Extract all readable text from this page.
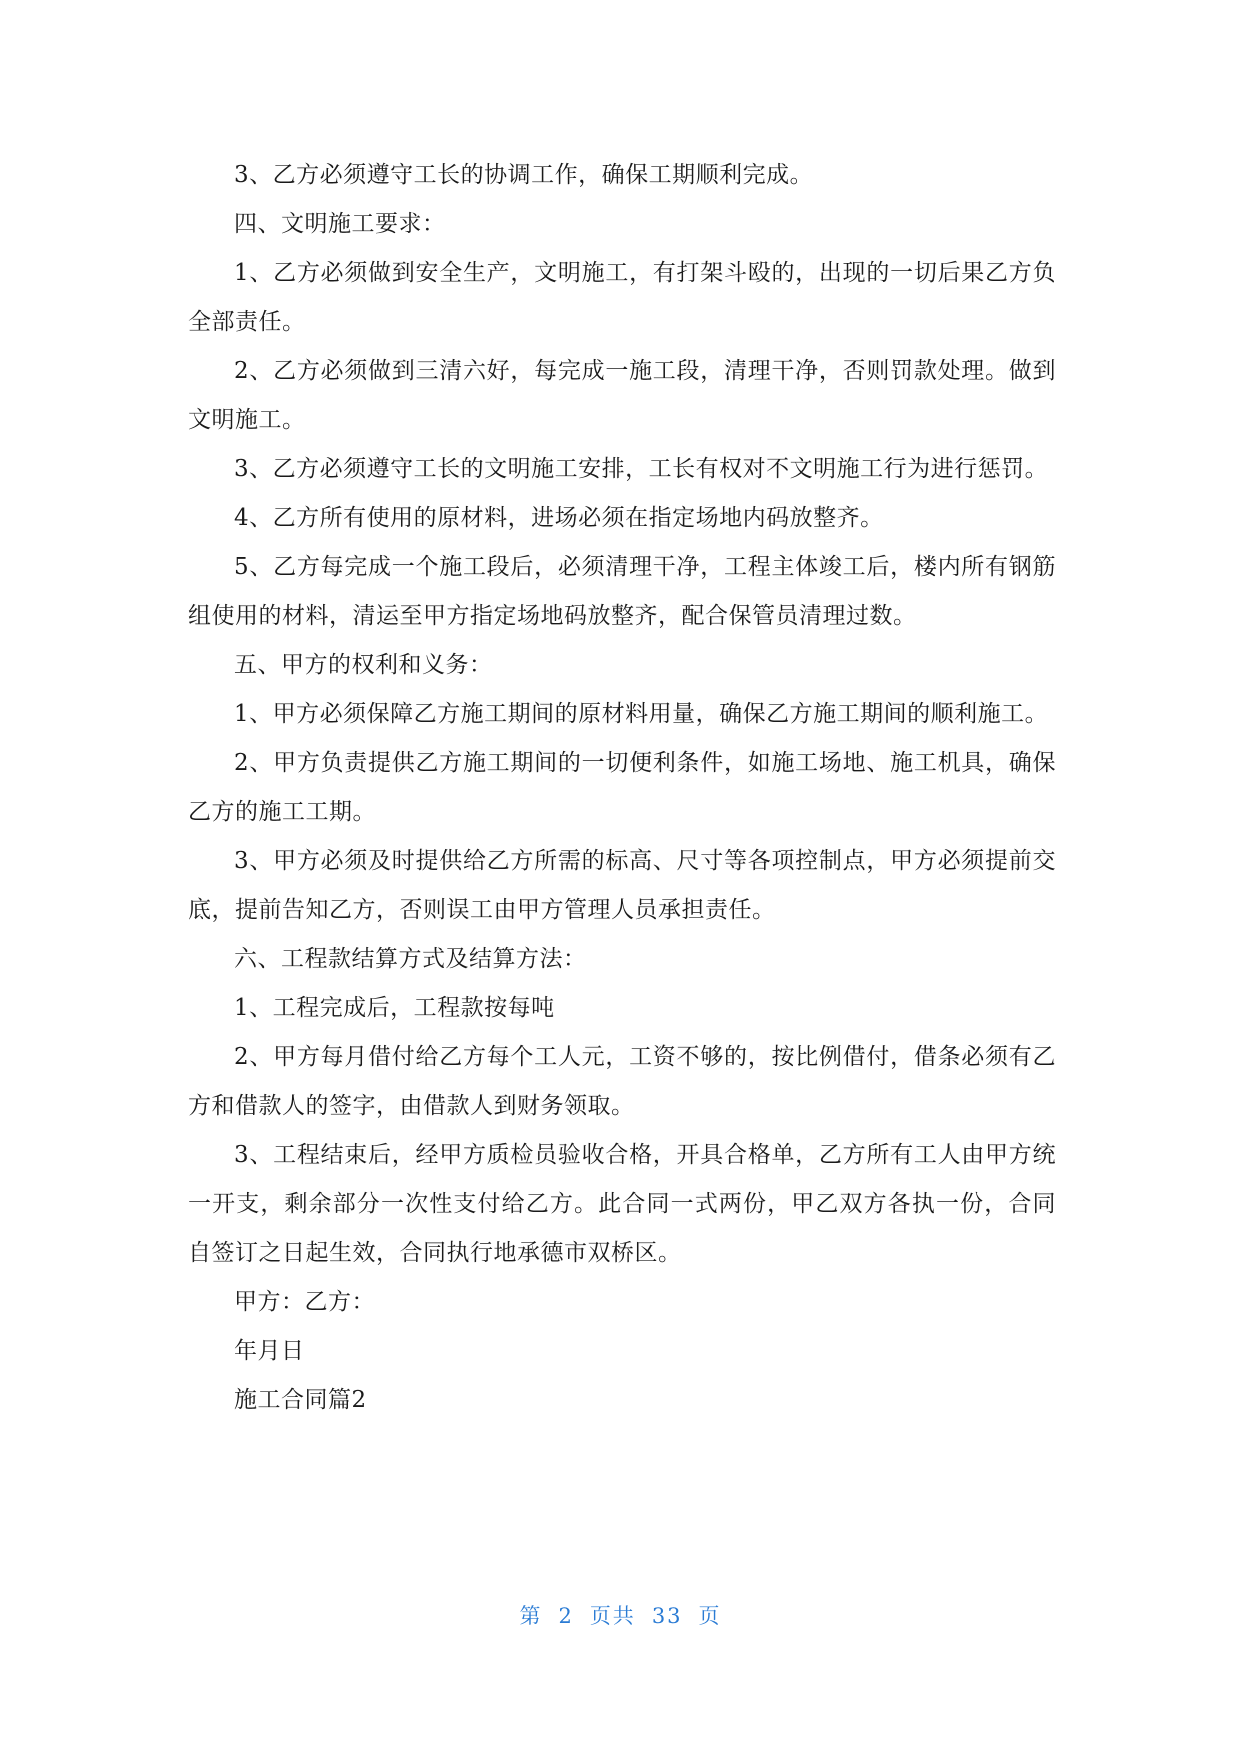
3、乙方必须遵守工长的协调工作，确保工期顺利完成。

四、文明施工要求：

1、乙方必须做到安全生产，文明施工，有打架斗殴的，出现的一切后果乙方负全部责任。

2、乙方必须做到三清六好，每完成一施工段，清理干净，否则罚款处理。做到文明施工。

3、乙方必须遵守工长的文明施工安排，工长有权对不文明施工行为进行惩罚。

4、乙方所有使用的原材料，进场必须在指定场地内码放整齐。

5、乙方每完成一个施工段后，必须清理干净，工程主体竣工后，楼内所有钢筋组使用的材料，清运至甲方指定场地码放整齐，配合保管员清理过数。

五、甲方的权利和义务：

1、甲方必须保障乙方施工期间的原材料用量，确保乙方施工期间的顺利施工。

2、甲方负责提供乙方施工期间的一切便利条件，如施工场地、施工机具，确保乙方的施工工期。

3、甲方必须及时提供给乙方所需的标高、尺寸等各项控制点，甲方必须提前交底，提前告知乙方，否则误工由甲方管理人员承担责任。

六、工程款结算方式及结算方法：

1、工程完成后，工程款按每吨

2、甲方每月借付给乙方每个工人元，工资不够的，按比例借付，借条必须有乙方和借款人的签字，由借款人到财务领取。

3、工程结束后，经甲方质检员验收合格，开具合格单，乙方所有工人由甲方统一开支，剩余部分一次性支付给乙方。此合同一式两份，甲乙双方各执一份，合同自签订之日起生效，合同执行地承德市双桥区。

甲方：乙方：

年月日

施工合同篇2

第 2 页共 33 页
